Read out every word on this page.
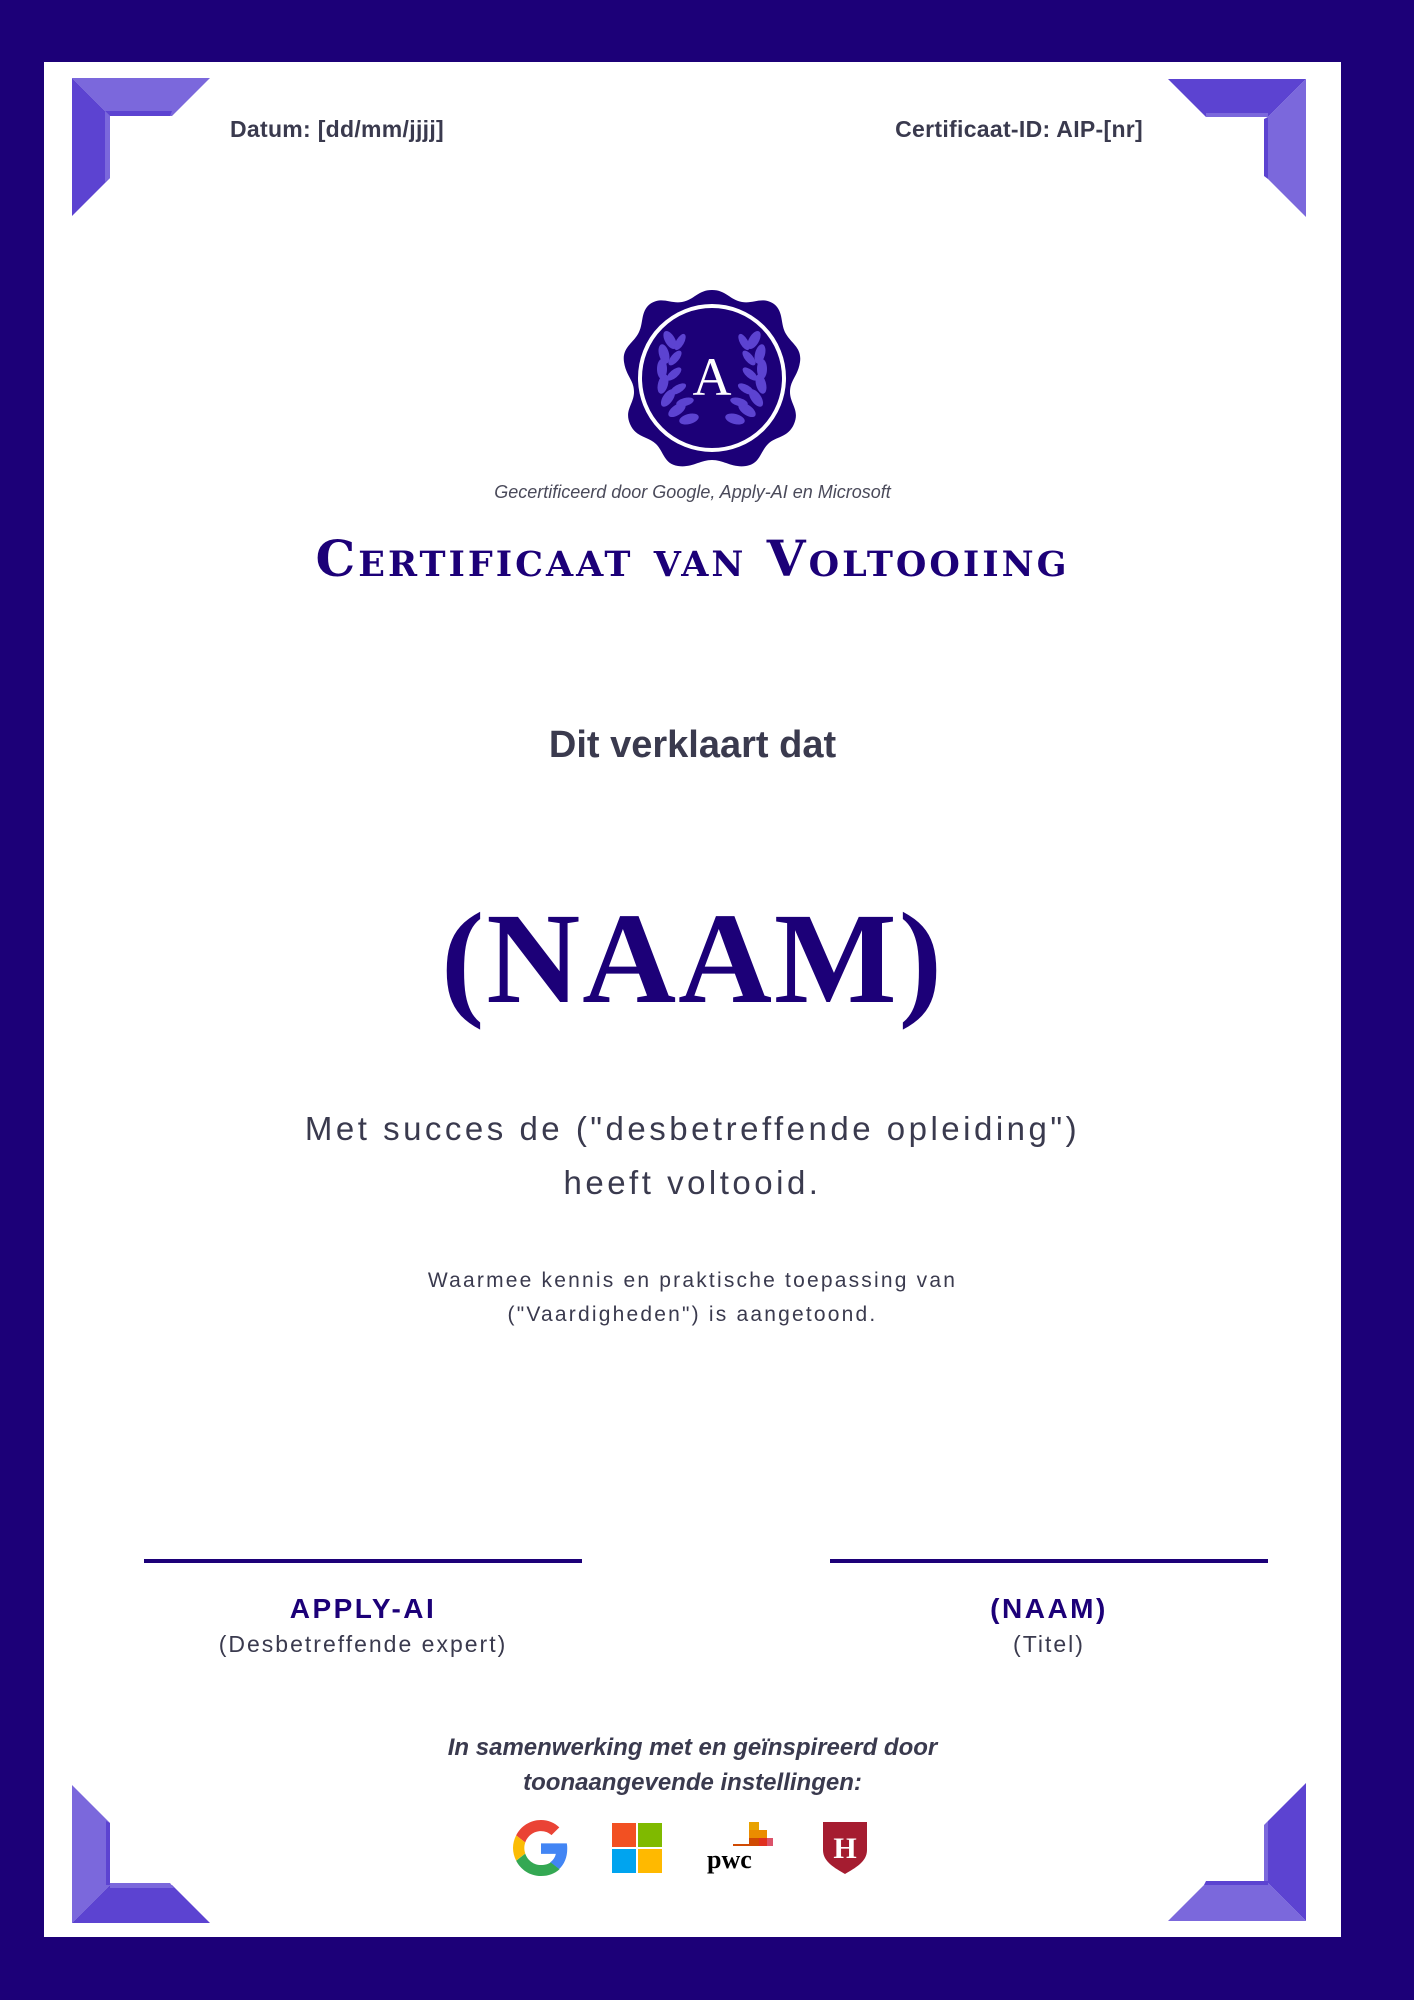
Datum: [dd/mm/jjjj]	Certificaat-ID: AIP-[nr]
A
Gecertificeerd door Google, Apply-AI en Microsoft
Certificaat van Voltooiing
Dit verklaart dat
(NAAM)
Met succes de ("desbetreffende opleiding")
heeft voltooid.
Waarmee kennis en praktische toepassing van
("Vaardigheden") is aangetoond.
APPLY-AI
(Desbetreffende expert)
(NAAM)
(Titel)
In samenwerking met en geïnspireerd door
toonaangevende instellingen:
pwc	H
